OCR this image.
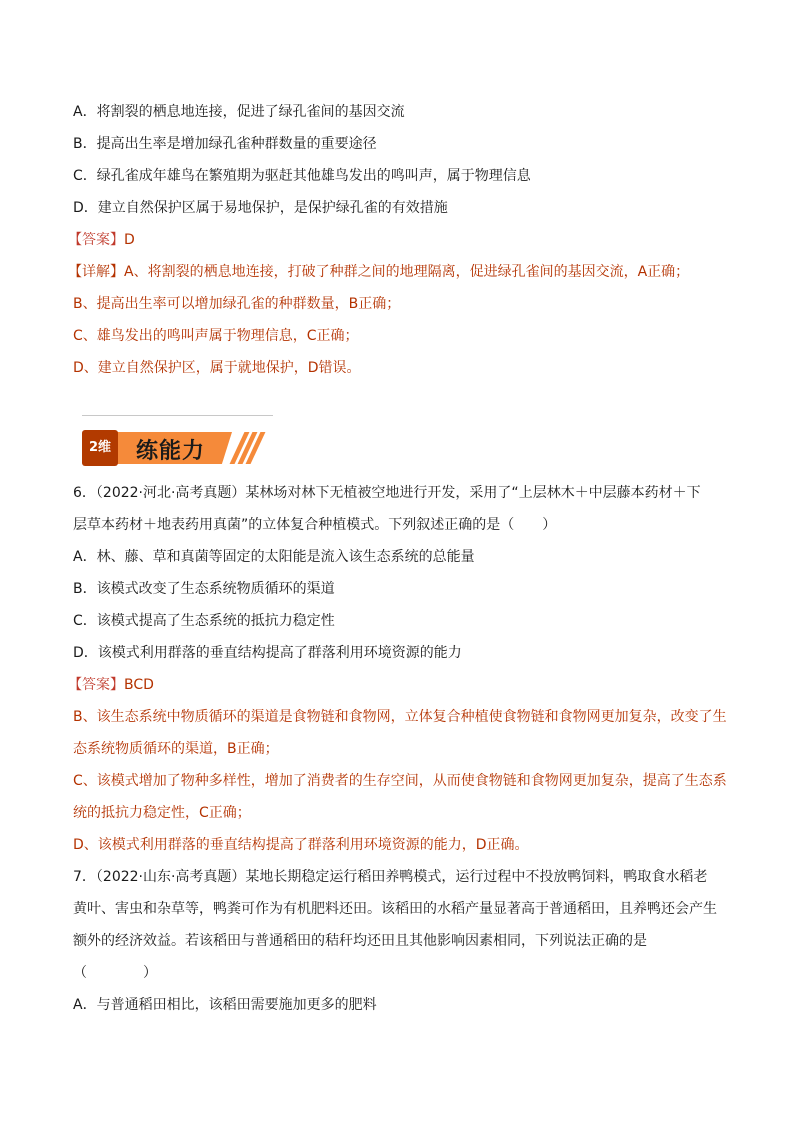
A．将割裂的栖息地连接，促进了绿孔雀间的基因交流
B．提高出生率是增加绿孔雀种群数量的重要途径
C．绿孔雀成年雄鸟在繁殖期为驱赶其他雄鸟发出的鸣叫声，属于物理信息
D．建立自然保护区属于易地保护，是保护绿孔雀的有效措施
【答案】D
【详解】A、将割裂的栖息地连接，打破了种群之间的地理隔离，促进绿孔雀间的基因交流，A正确；
B、提高出生率可以增加绿孔雀的种群数量，B正确；
C、雄鸟发出的鸣叫声属于物理信息，C正确；
D、建立自然保护区，属于就地保护，D错误。
2维	练能力
6．（2022·河北·高考真题）某林场对林下无植被空地进行开发，采用了“上层林木＋中层藤本药材＋下
层草本药材＋地表药用真菌”的立体复合种植模式。下列叙述正确的是（　　）
A．林、藤、草和真菌等固定的太阳能是流入该生态系统的总能量
B．该模式改变了生态系统物质循环的渠道
C．该模式提高了生态系统的抵抗力稳定性
D．该模式利用群落的垂直结构提高了群落利用环境资源的能力
【答案】BCD
B、该生态系统中物质循环的渠道是食物链和食物网，立体复合种植使食物链和食物网更加复杂，改变了生
态系统物质循环的渠道，B正确；
C、该模式增加了物种多样性，增加了消费者的生存空间，从而使食物链和食物网更加复杂，提高了生态系
统的抵抗力稳定性，C正确；
D、该模式利用群落的垂直结构提高了群落利用环境资源的能力，D正确。
7．（2022·山东·高考真题）某地长期稳定运行稻田养鸭模式，运行过程中不投放鸭饲料，鸭取食水稻老
黄叶、害虫和杂草等，鸭粪可作为有机肥料还田。该稻田的水稻产量显著高于普通稻田，且养鸭还会产生
额外的经济效益。若该稻田与普通稻田的秸秆均还田且其他影响因素相同，下列说法正确的是
（　　　　）
A．与普通稻田相比，该稻田需要施加更多的肥料
